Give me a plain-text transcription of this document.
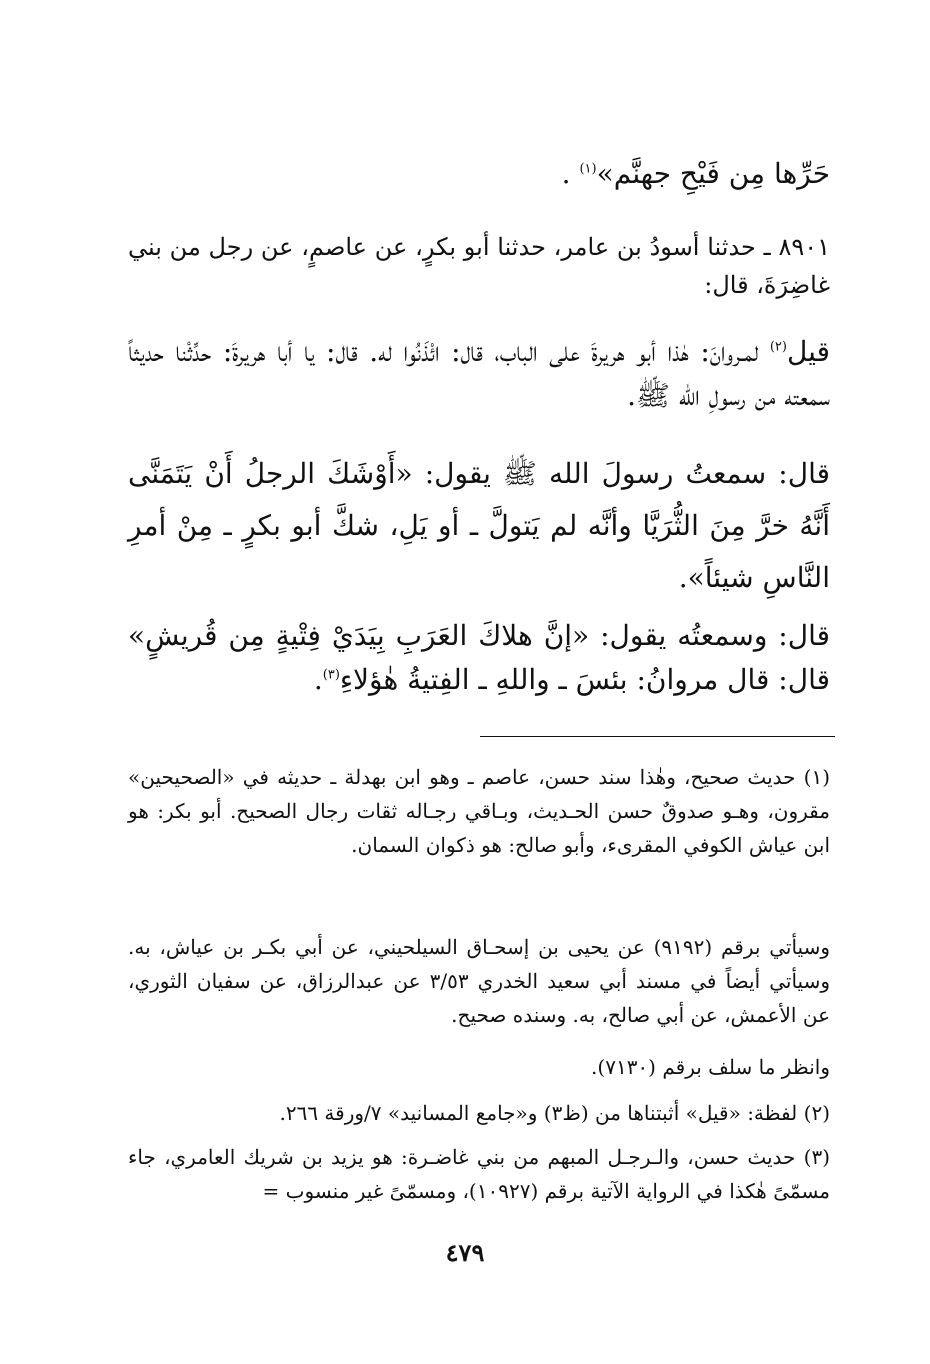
حَرِّها مِن فَيْحِ جهنَّم»$^{(١)}$ .

٨٩٠١ ـ حدثنا أسودُ بن عامر، حدثنا أبو بكرٍ، عن عاصمٍ، عن رجل من بني غاضِرَةَ، قال:

قيل$^{(٢)}$ لمـروانَ: هٰذا أبو هريرةَ على الباب، قال: ائْذَنُوا له. قال: يا أبا هريرةَ: حدِّثْنا حديثاً سمعته من رسولِ الله ﷺ.

قال: سمعتُ رسولَ الله ﷺ يقول: «أَوْشَكَ الرجلُ أَنْ يَتَمَنَّى أَنَّهُ خرَّ مِنَ الثُّرَيَّا وأنَّه لم يَتولَّ ـ أو يَلِ، شكَّ أبو بكرٍ ـ مِنْ أمرِ النَّاسِ شيئاً».

قال: وسمعتُه يقول: «إنَّ هلاكَ العَرَبِ بِيَدَيْ فِتْيةٍ مِن قُريشٍ» قال: قال مروانُ: بئسَ ـ واللهِ ـ الفِتيةُ هٰؤلاءِ$^{(٣)}$.

(١) حديث صحيح، وهٰذا سند حسن، عاصم ـ وهو ابن بهدلة ـ حديثه في «الصحيحين» مقرون، وهـو صدوقٌ حسن الحـديث، وبـاقي رجـاله ثقات رجال الصحيح. أبو بكر: هو ابن عياش الكوفي المقرىء، وأبو صالح: هو ذكوان السمان.

وسيأتي برقم (٩١٩٢) عن يحيى بن إسحـاق السيلحيني، عن أبي بكـر بن عياش، به. وسيأتي أيضاً في مسند أبي سعيد الخدري ٣/٥٣ عن عبدالرزاق، عن سفيان الثوري، عن الأعمش، عن أبي صالح، به. وسنده صحيح.

وانظر ما سلف برقم (٧١٣٠).

(٢) لفظة: «قيل» أثبتناها من (ظ٣) و«جامع المسانيد» ٧/ورقة ٢٦٦.

(٣) حديث حسن، والـرجـل المبهم من بني غاضـرة: هو يزيد بن شريك العامري، جاء مسمّىً هٰكذا في الرواية الآتية برقم (١٠٩٢٧)، ومسمّىً غير منسوب =

٤٧٩
